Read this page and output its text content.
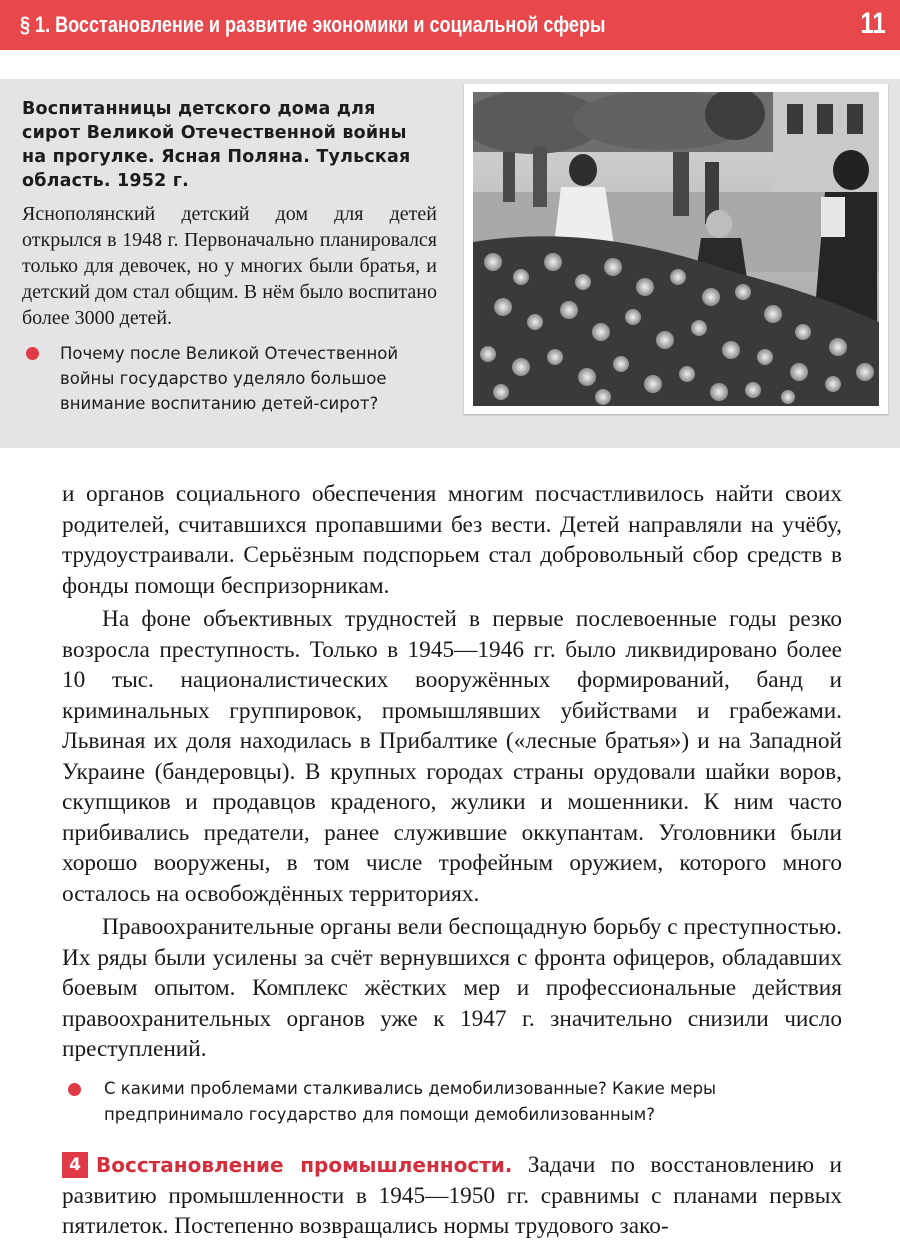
§ 1. Восстановление и развитие экономики и социальной сферы	11

Воспитанницы детского дома для сирот Великой Отечественной войны на прогулке. Ясная Поляна. Тульская область. 1952 г.

Яснополянский детский дом для детей открылся в 1948 г. Первоначально планировался только для девочек, но у многих были братья, и детский дом стал общим. В нём было воспитано более 3000 детей.

Почему после Великой Отечественной войны государство уделяло большое внимание воспитанию детей-сирот?

и органов социального обеспечения многим посчастливилось найти своих родителей, считавшихся пропавшими без вести. Детей направляли на учёбу, трудоустраивали. Серьёзным подспорьем стал добровольный сбор средств в фонды помощи беспризорникам.

На фоне объективных трудностей в первые послевоенные годы резко возросла преступность. Только в 1945—1946 гг. было ликвидировано более 10 тыс. националистических вооружённых формирований, банд и криминальных группировок, промышлявших убийствами и грабежами. Львиная их доля находилась в Прибалтике («лесные братья») и на Западной Украине (бандеровцы). В крупных городах страны орудовали шайки воров, скупщиков и продавцов краденого, жулики и мошенники. К ним часто прибивались предатели, ранее служившие оккупантам. Уголовники были хорошо вооружены, в том числе трофейным оружием, которого много осталось на освобождённых территориях.

Правоохранительные органы вели беспощадную борьбу с преступностью. Их ряды были усилены за счёт вернувшихся с фронта офицеров, обладавших боевым опытом. Комплекс жёстких мер и профессиональные действия правоохранительных органов уже к 1947 г. значительно снизили число преступлений.

С какими проблемами сталкивались демобилизованные? Какие меры предпринимало государство для помощи демобилизованным?
4 Восстановление промышленности. Задачи по восстановлению и развитию промышленности в 1945—1950 гг. сравнимы с планами первых пятилеток. Постепенно возвращались нормы трудового зако-
